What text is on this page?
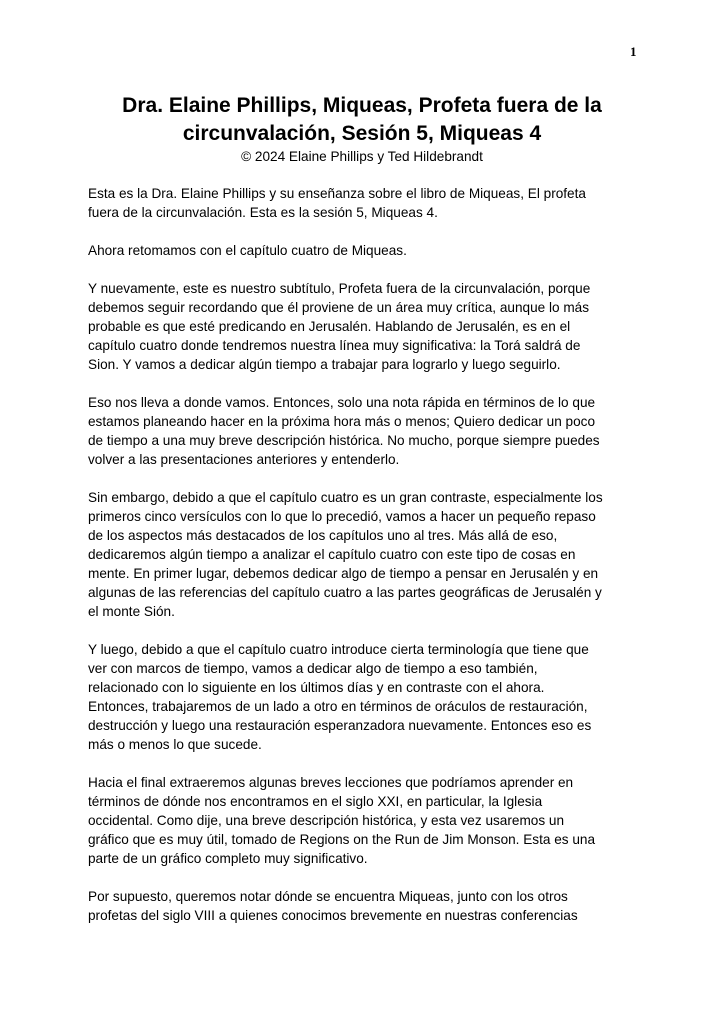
1
Dra. Elaine Phillips, Miqueas, Profeta fuera de la
circunvalación, Sesión 5, Miqueas 4

© 2024 Elaine Phillips y Ted Hildebrandt

Esta es la Dra. Elaine Phillips y su enseñanza sobre el libro de Miqueas, El profeta
fuera de la circunvalación. Esta es la sesión 5, Miqueas 4.

Ahora retomamos con el capítulo cuatro de Miqueas.

Y nuevamente, este es nuestro subtítulo, Profeta fuera de la circunvalación, porque
debemos seguir recordando que él proviene de un área muy crítica, aunque lo más
probable es que esté predicando en Jerusalén. Hablando de Jerusalén, es en el
capítulo cuatro donde tendremos nuestra línea muy significativa: la Torá saldrá de
Sion. Y vamos a dedicar algún tiempo a trabajar para lograrlo y luego seguirlo.

Eso nos lleva a donde vamos. Entonces, solo una nota rápida en términos de lo que
estamos planeando hacer en la próxima hora más o menos; Quiero dedicar un poco
de tiempo a una muy breve descripción histórica. No mucho, porque siempre puedes
volver a las presentaciones anteriores y entenderlo.

Sin embargo, debido a que el capítulo cuatro es un gran contraste, especialmente los
primeros cinco versículos con lo que lo precedió, vamos a hacer un pequeño repaso
de los aspectos más destacados de los capítulos uno al tres. Más allá de eso,
dedicaremos algún tiempo a analizar el capítulo cuatro con este tipo de cosas en
mente. En primer lugar, debemos dedicar algo de tiempo a pensar en Jerusalén y en
algunas de las referencias del capítulo cuatro a las partes geográficas de Jerusalén y
el monte Sión.

Y luego, debido a que el capítulo cuatro introduce cierta terminología que tiene que
ver con marcos de tiempo, vamos a dedicar algo de tiempo a eso también,
relacionado con lo siguiente en los últimos días y en contraste con el ahora.
Entonces, trabajaremos de un lado a otro en términos de oráculos de restauración,
destrucción y luego una restauración esperanzadora nuevamente. Entonces eso es
más o menos lo que sucede.

Hacia el final extraeremos algunas breves lecciones que podríamos aprender en
términos de dónde nos encontramos en el siglo XXI, en particular, la Iglesia
occidental. Como dije, una breve descripción histórica, y esta vez usaremos un
gráfico que es muy útil, tomado de Regions on the Run de Jim Monson. Esta es una
parte de un gráfico completo muy significativo.

Por supuesto, queremos notar dónde se encuentra Miqueas, junto con los otros
profetas del siglo VIII a quienes conocimos brevemente en nuestras conferencias
